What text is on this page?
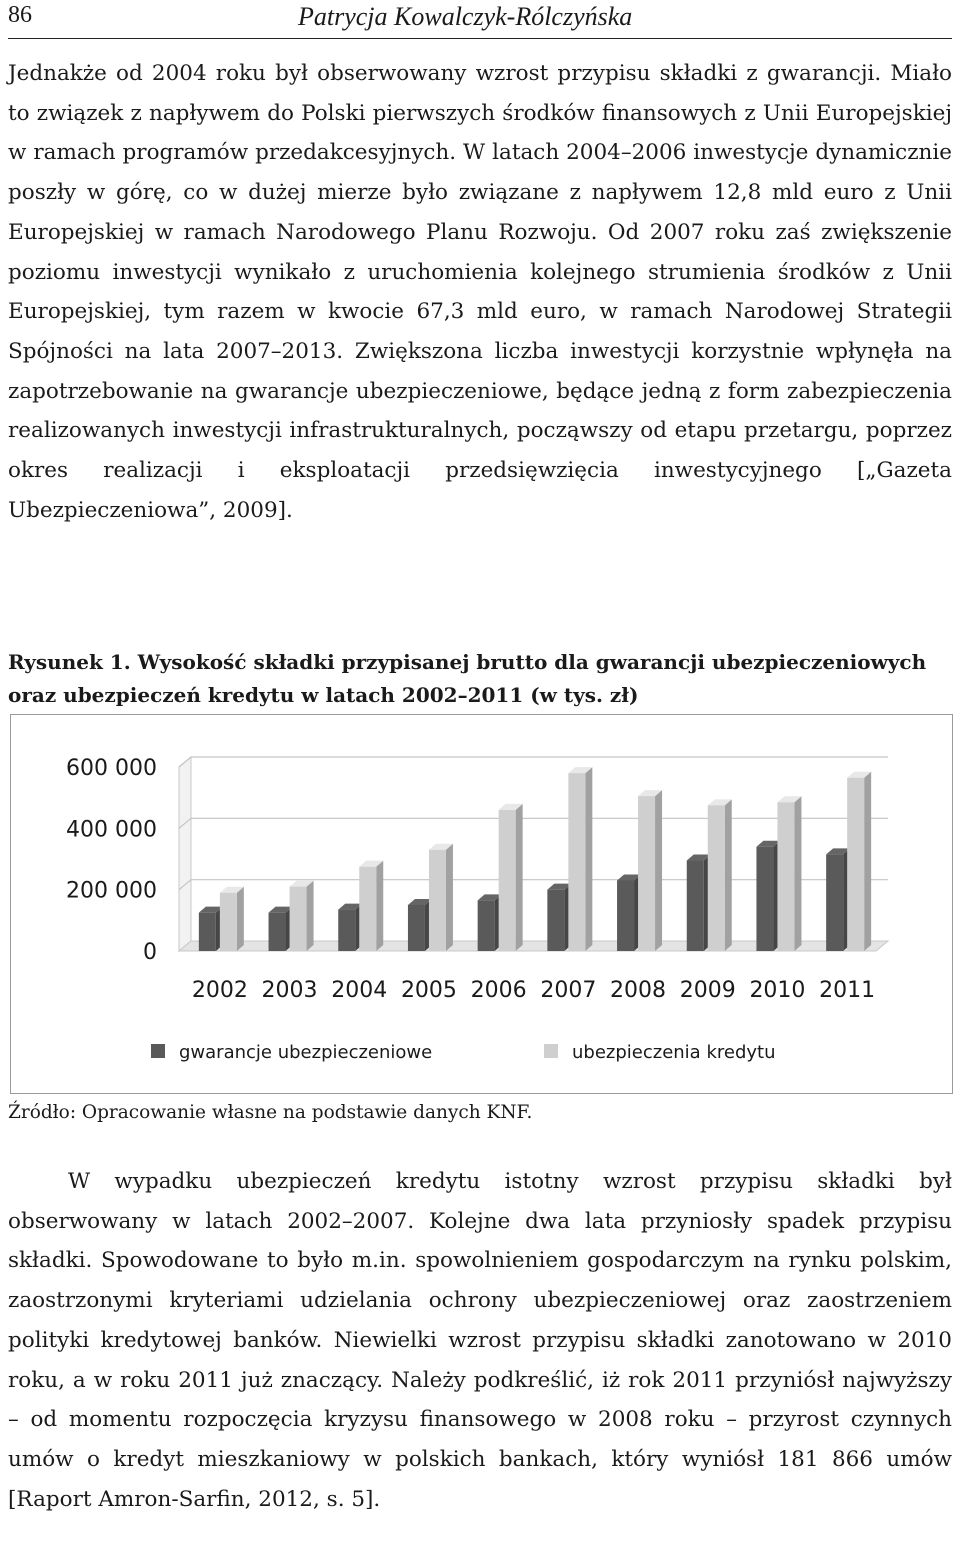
86	Patrycja Kowalczyk-Rólczyńska

Jednakże od 2004 roku był obserwowany wzrost przypisu składki z gwarancji. Miało to związek z napływem do Polski pierwszych środków finansowych z Unii Europejskiej w ramach programów przedakcesyjnych. W latach 2004–2006 inwestycje dynamicznie poszły w górę, co w dużej mierze było związane z napływem 12,8 mld euro z Unii Europejskiej w ramach Narodowego Planu Rozwoju. Od 2007 roku zaś zwiększenie poziomu inwestycji wynikało z uruchomienia kolejnego strumienia środków z Unii Europejskiej, tym razem w kwocie 67,3 mld euro, w ramach Narodowej Strategii Spójności na lata 2007–2013. Zwiększona liczba inwestycji korzystnie wpłynęła na zapotrzebowanie na gwarancje ubezpieczeniowe, będące jedną z form zabezpieczenia realizowanych inwestycji infrastrukturalnych, począwszy od etapu przetargu, poprzez okres realizacji i eksploatacji przedsięwzięcia inwestycyjnego [„Gazeta Ubezpieczeniowa”, 2009].

Rysunek 1. Wysokość składki przypisanej brutto dla gwarancji ubezpieczeniowych oraz ubezpieczeń kredytu w latach 2002–2011 (w tys. zł)

0
200 000
400 000
600 000
2002 2003 2004 2005 2006 2007 2008 2009 2010 2011
gwarancje ubezpieczeniowe	ubezpieczenia kredytu

Źródło: Opracowanie własne na podstawie danych KNF.

W wypadku ubezpieczeń kredytu istotny wzrost przypisu składki był obserwowany w latach 2002–2007. Kolejne dwa lata przyniosły spadek przypisu składki. Spowodowane to było m.in. spowolnieniem gospodarczym na rynku polskim, zaostrzonymi kryteriami udzielania ochrony ubezpieczeniowej oraz zaostrzeniem polityki kredytowej banków. Niewielki wzrost przypisu składki zanotowano w 2010 roku, a w roku 2011 już znaczący. Należy podkreślić, iż rok 2011 przyniósł najwyższy – od momentu rozpoczęcia kryzysu finansowego w 2008 roku – przyrost czynnych umów o kredyt mieszkaniowy w polskich bankach, który wyniósł 181 866 umów [Raport Amron-Sarfin, 2012, s. 5].
